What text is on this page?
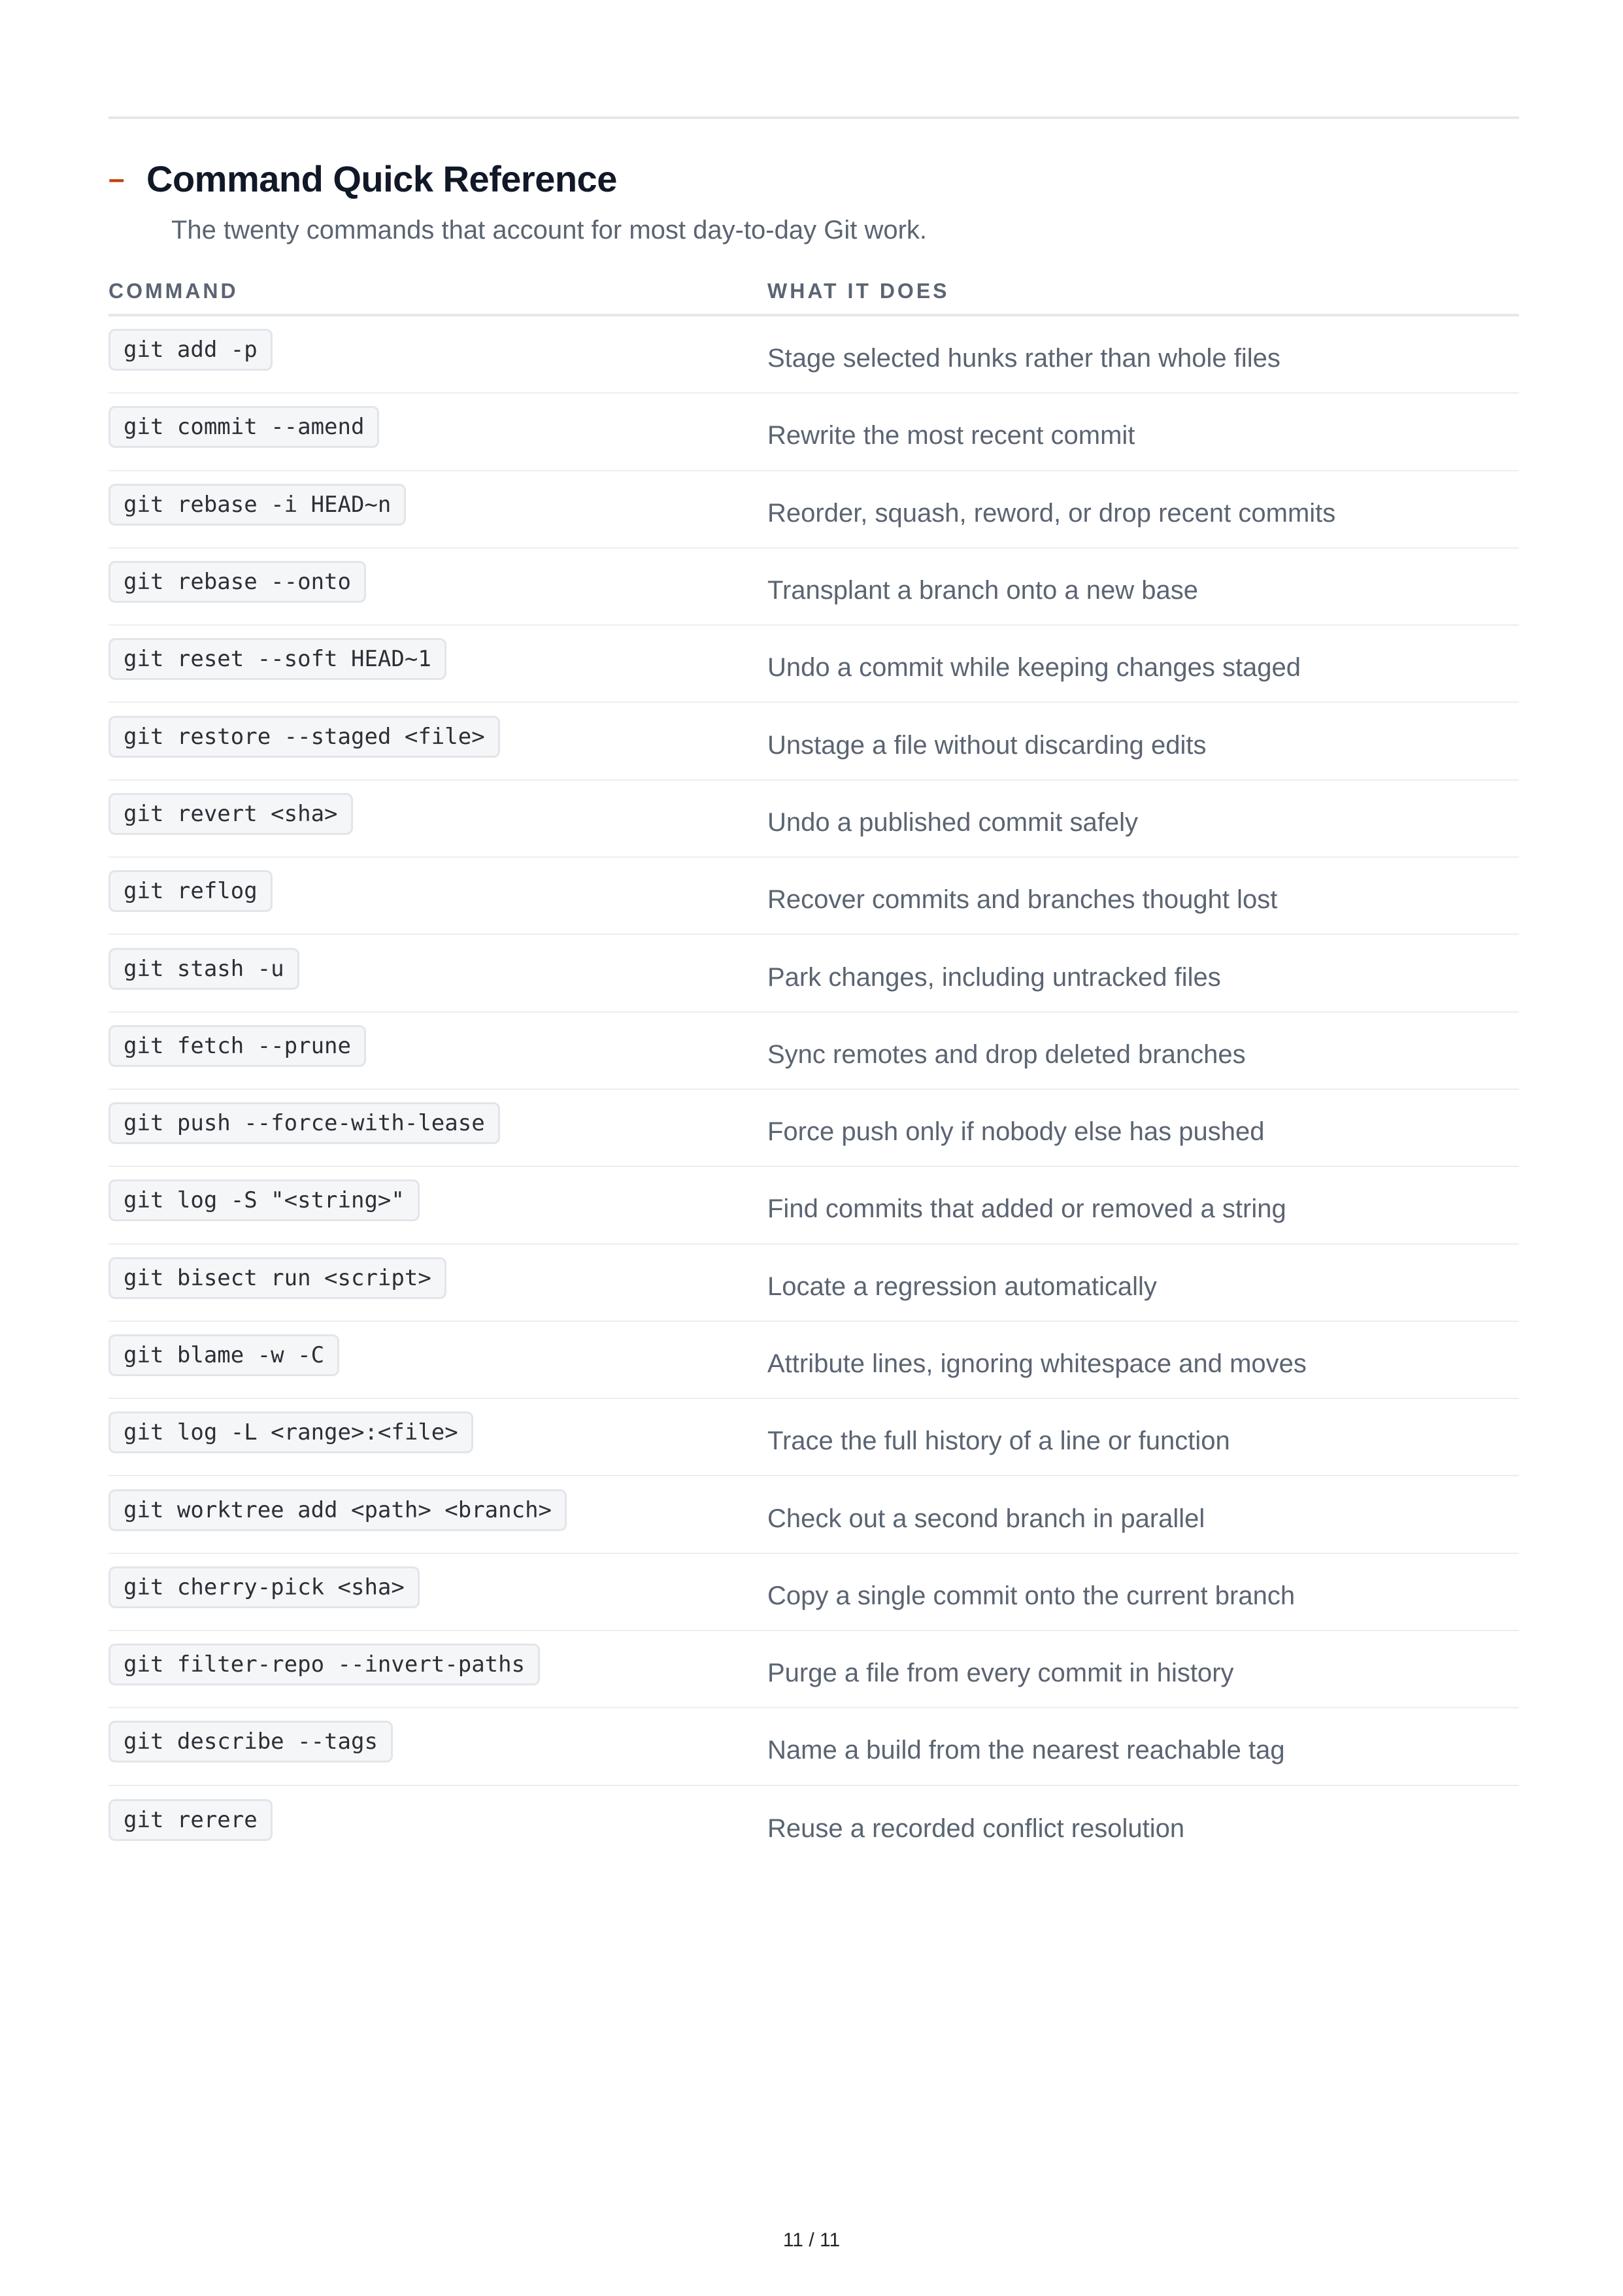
– Command Quick Reference
The twenty commands that account for most day-to-day Git work.
COMMAND	WHAT IT DOES
git add -p	Stage selected hunks rather than whole files
git commit --amend	Rewrite the most recent commit
git rebase -i HEAD~n	Reorder, squash, reword, or drop recent commits
git rebase --onto	Transplant a branch onto a new base
git reset --soft HEAD~1	Undo a commit while keeping changes staged
git restore --staged <file>	Unstage a file without discarding edits
git revert <sha>	Undo a published commit safely
git reflog	Recover commits and branches thought lost
git stash -u	Park changes, including untracked files
git fetch --prune	Sync remotes and drop deleted branches
git push --force-with-lease	Force push only if nobody else has pushed
git log -S "<string>"	Find commits that added or removed a string
git bisect run <script>	Locate a regression automatically
git blame -w -C	Attribute lines, ignoring whitespace and moves
git log -L <range>:<file>	Trace the full history of a line or function
git worktree add <path> <branch>	Check out a second branch in parallel
git cherry-pick <sha>	Copy a single commit onto the current branch
git filter-repo --invert-paths	Purge a file from every commit in history
git describe --tags	Name a build from the nearest reachable tag
git rerere	Reuse a recorded conflict resolution
11 / 11
